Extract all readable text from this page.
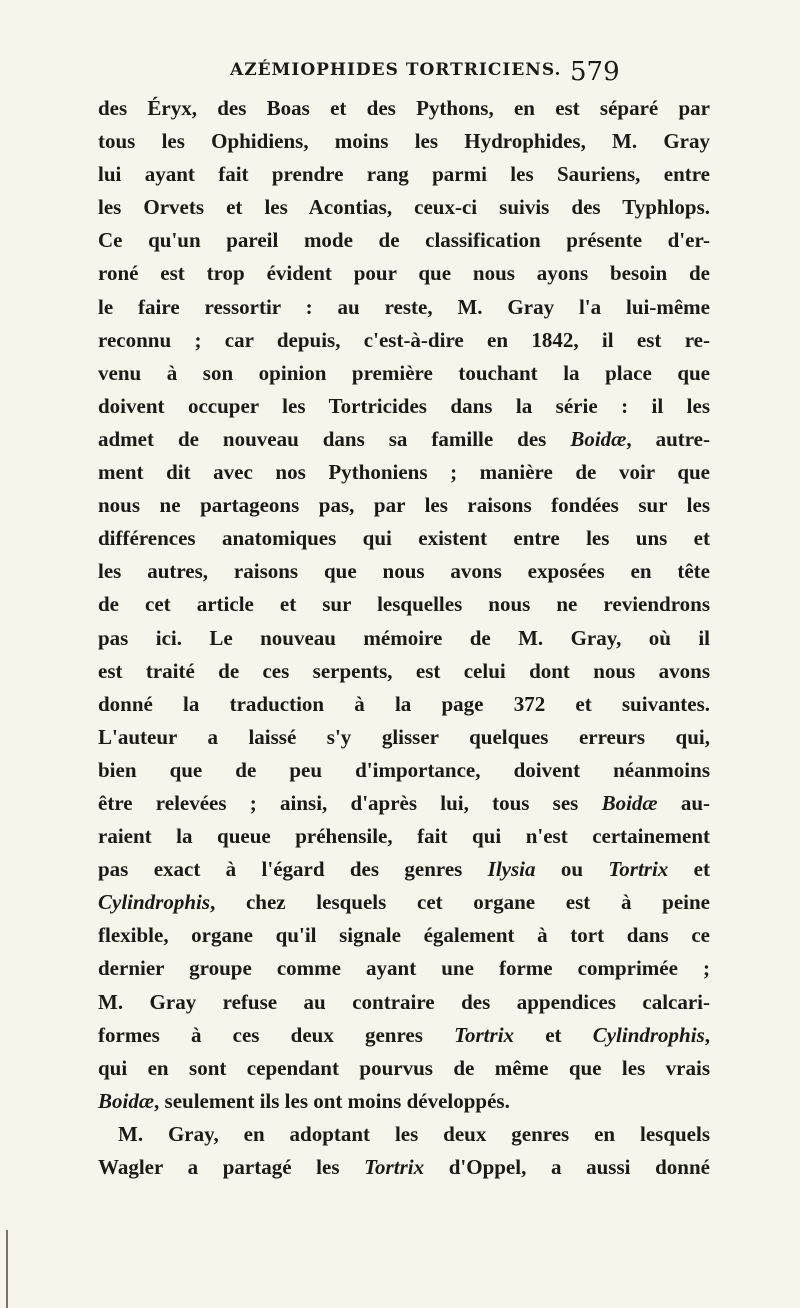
AZÉMIOPHIDES TORTRICIENS. 579
des Éryx, des Boas et des Pythons, en est séparé par
tous les Ophidiens, moins les Hydrophides, M. Gray
lui ayant fait prendre rang parmi les Sauriens, entre
les Orvets et les Acontias, ceux-ci suivis des Typhlops.
Ce qu'un pareil mode de classification présente d'er-
roné est trop évident pour que nous ayons besoin de
le faire ressortir : au reste, M. Gray l'a lui-même
reconnu ; car depuis, c'est-à-dire en 1842, il est re-
venu à son opinion première touchant la place que
doivent occuper les Tortricides dans la série : il les
admet de nouveau dans sa famille des Boidæ, autre-
ment dit avec nos Pythoniens ; manière de voir que
nous ne partageons pas, par les raisons fondées sur les
différences anatomiques qui existent entre les uns et
les autres, raisons que nous avons exposées en tête
de cet article et sur lesquelles nous ne reviendrons
pas ici. Le nouveau mémoire de M. Gray, où il
est traité de ces serpents, est celui dont nous avons
donné la traduction à la page 372 et suivantes.
L'auteur a laissé s'y glisser quelques erreurs qui,
bien que de peu d'importance, doivent néanmoins
être relevées ; ainsi, d'après lui, tous ses Boidæ au-
raient la queue préhensile, fait qui n'est certainement
pas exact à l'égard des genres Ilysia ou Tortrix et
Cylindrophis, chez lesquels cet organe est à peine
flexible, organe qu'il signale également à tort dans ce
dernier groupe comme ayant une forme comprimée ;
M. Gray refuse au contraire des appendices calcari-
formes à ces deux genres Tortrix et Cylindrophis,
qui en sont cependant pourvus de même que les vrais
Boidæ, seulement ils les ont moins développés.
M. Gray, en adoptant les deux genres en lesquels
Wagler a partagé les Tortrix d'Oppel, a aussi donné
